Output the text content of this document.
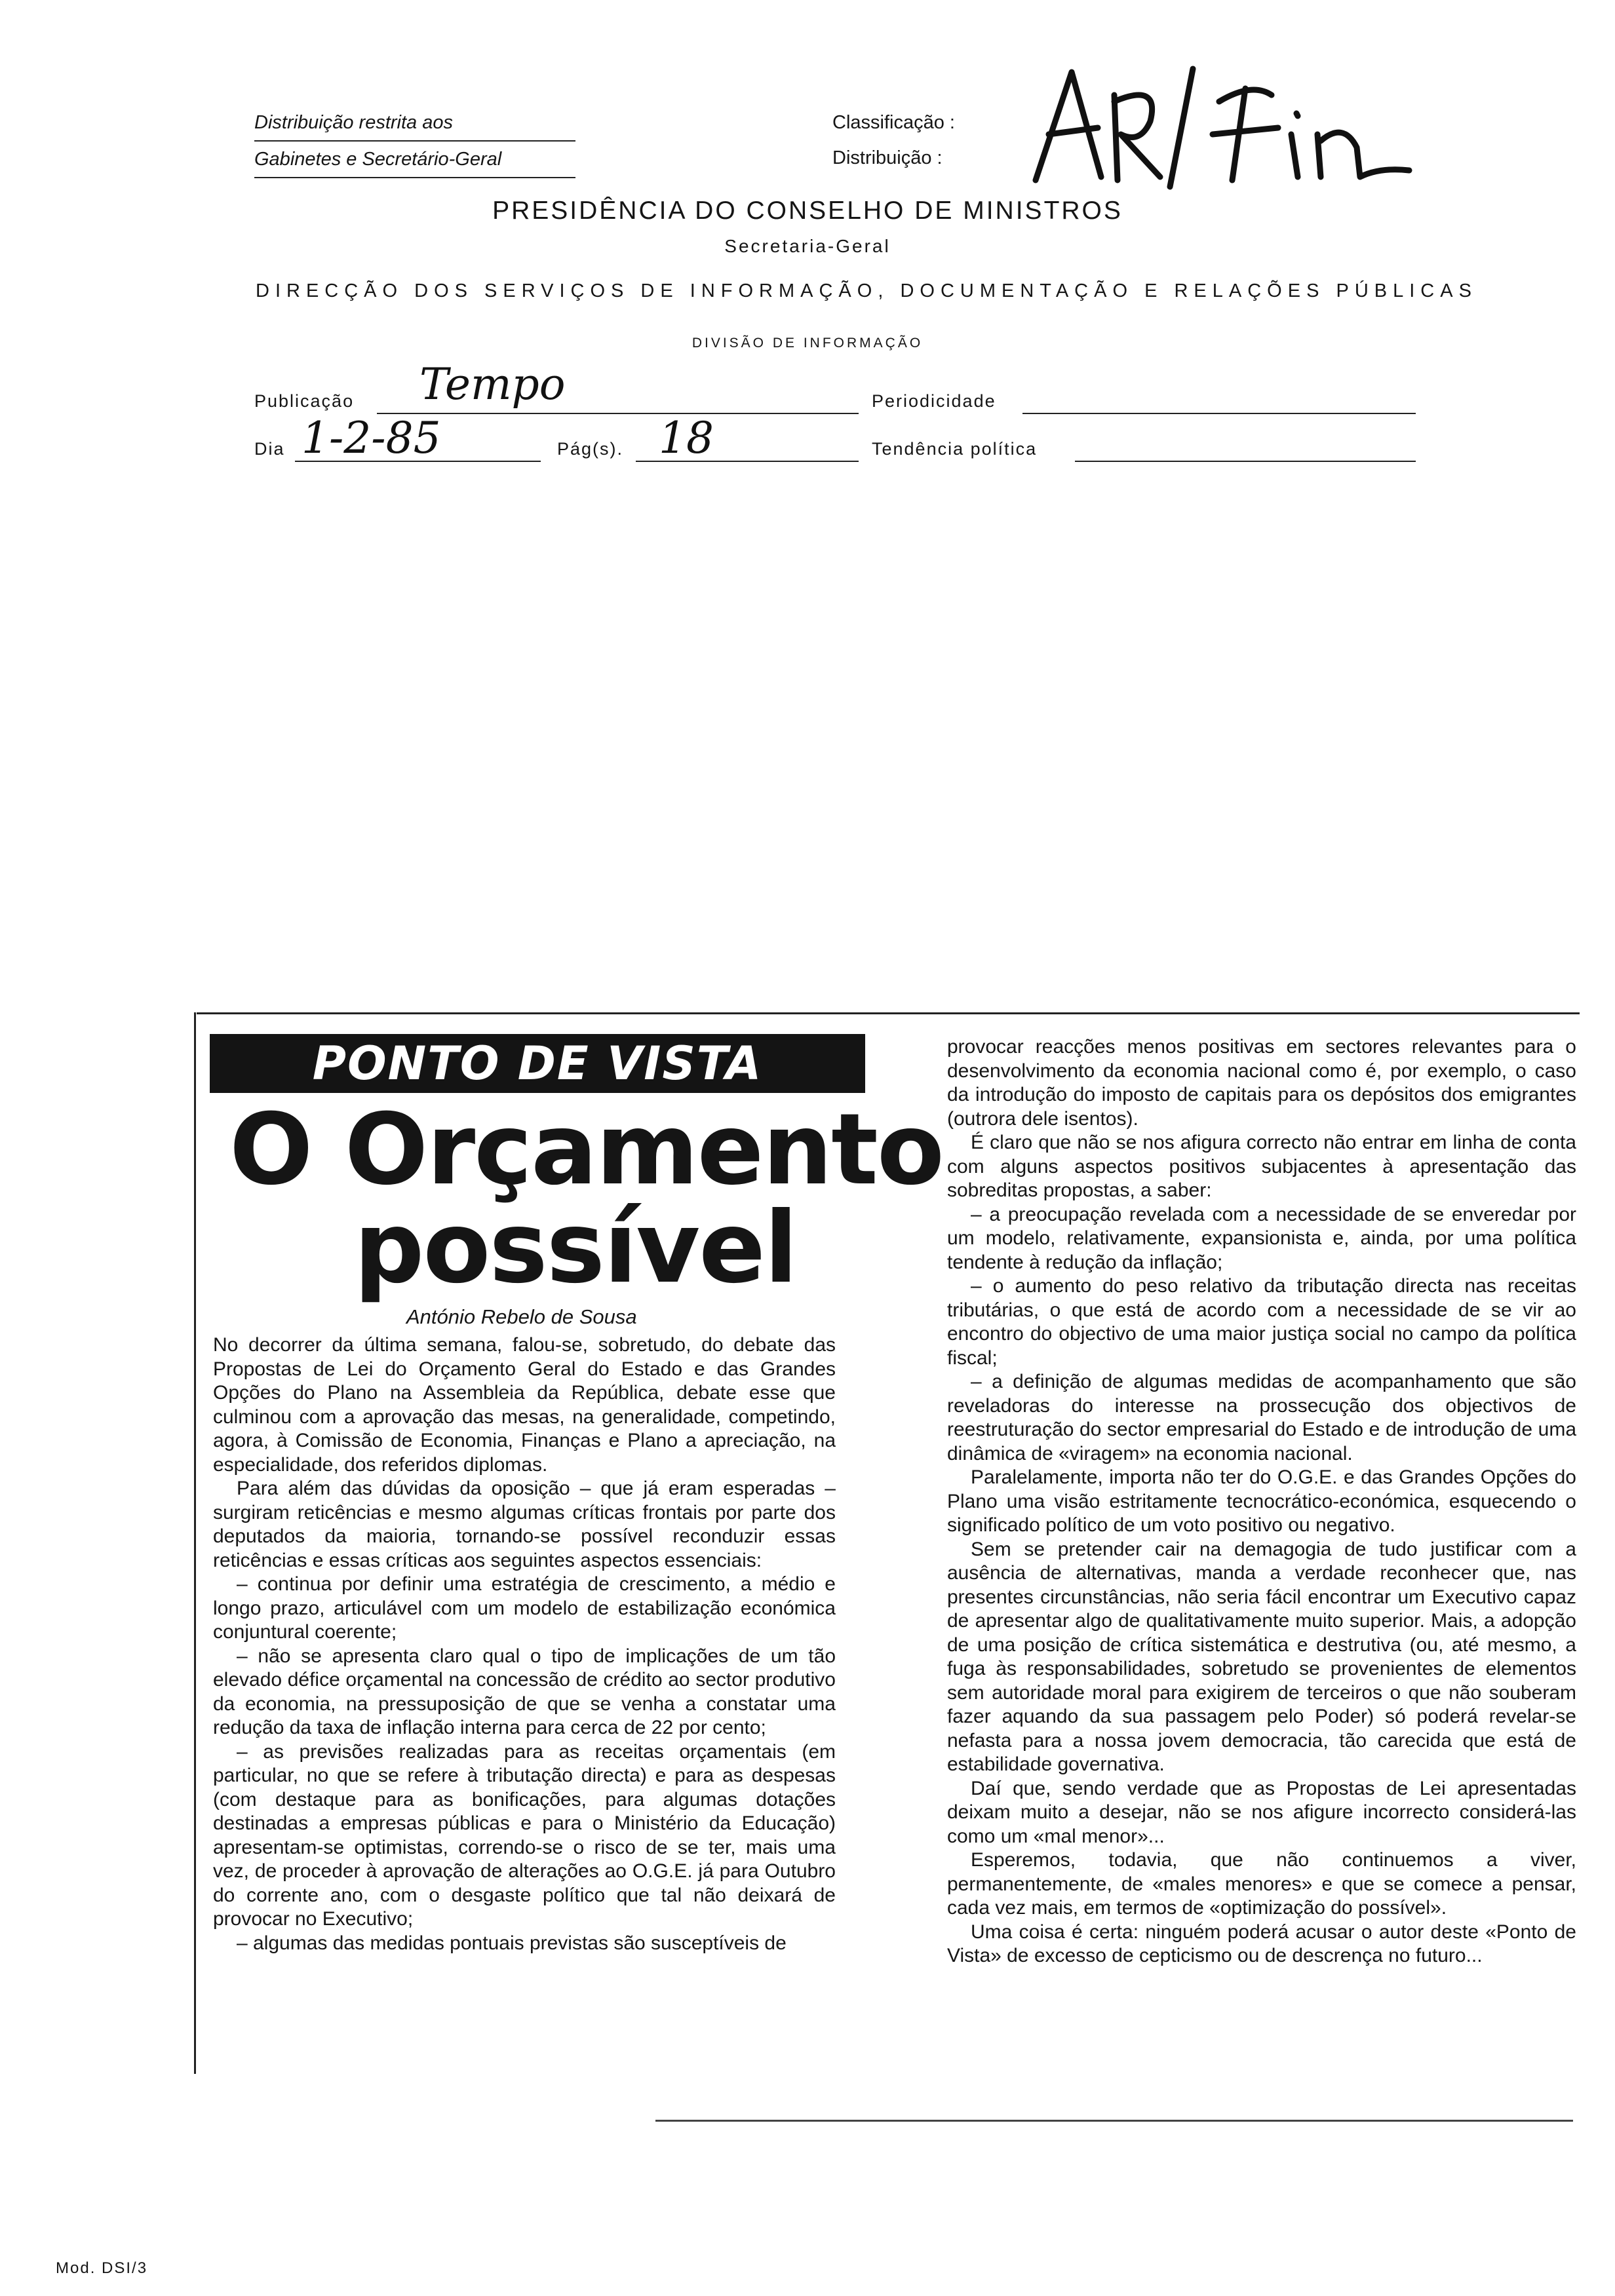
Distribuição restrita aos
Gabinetes e Secretário-Geral
Classificação :
Distribuição :
PRESIDÊNCIA DO CONSELHO DE MINISTROS
Secretaria-Geral
DIRECÇÃO DOS SERVIÇOS DE INFORMAÇÃO, DOCUMENTAÇÃO E RELAÇÕES PÚBLICAS
DIVISÃO DE INFORMAÇÃO
Publicação Tempo	Periodicidade
Dia 1-2-85	Pág(s). 18	Tendência política
PONTO DE VISTA
O Orçamento
possível
António Rebelo de Sousa

No decorrer da última semana, falou-se, sobretudo, do debate das Propostas de Lei do Orçamento Geral do Estado e das Grandes Opções do Plano na Assembleia da República, debate esse que culminou com a aprovação das mesas, na generalidade, competindo, agora, à Comissão de Economia, Finanças e Plano a apreciação, na especialidade, dos referidos diplomas.

Para além das dúvidas da oposição – que já eram esperadas – surgiram reticências e mesmo algumas críticas frontais por parte dos deputados da maioria, tornando-se possível reconduzir essas reticências e essas críticas aos seguintes aspectos essenciais:

– continua por definir uma estratégia de crescimento, a médio e longo prazo, articulável com um modelo de estabilização económica conjuntural coerente;

– não se apresenta claro qual o tipo de implicações de um tão elevado défice orçamental na concessão de crédito ao sector produtivo da economia, na pressuposição de que se venha a constatar uma redução da taxa de inflação interna para cerca de 22 por cento;

– as previsões realizadas para as receitas orçamentais (em particular, no que se refere à tributação directa) e para as despesas (com destaque para as bonificações, para algumas dotações destinadas a empresas públicas e para o Ministério da Educação) apresentam-se optimistas, correndo-se o risco de se ter, mais uma vez, de proceder à aprovação de alterações ao O.G.E. já para Outubro do corrente ano, com o desgaste político que tal não deixará de provocar no Executivo;

– algumas das medidas pontuais previstas são susceptíveis de

provocar reacções menos positivas em sectores relevantes para o desenvolvimento da economia nacional como é, por exemplo, o caso da introdução do imposto de capitais para os depósitos dos emigrantes (outrora dele isentos).

É claro que não se nos afigura correcto não entrar em linha de conta com alguns aspectos positivos subjacentes à apresentação das sobreditas propostas, a saber:

– a preocupação revelada com a necessidade de se enveredar por um modelo, relativamente, expansionista e, ainda, por uma política tendente à redução da inflação;

– o aumento do peso relativo da tributação directa nas receitas tributárias, o que está de acordo com a necessidade de se vir ao encontro do objectivo de uma maior justiça social no campo da política fiscal;

– a definição de algumas medidas de acompanhamento que são reveladoras do interesse na prossecução dos objectivos de reestruturação do sector empresarial do Estado e de introdução de uma dinâmica de «viragem» na economia nacional.

Paralelamente, importa não ter do O.G.E. e das Grandes Opções do Plano uma visão estritamente tecnocrático-económica, esquecendo o significado político de um voto positivo ou negativo.

Sem se pretender cair na demagogia de tudo justificar com a ausência de alternativas, manda a verdade reconhecer que, nas presentes circunstâncias, não seria fácil encontrar um Executivo capaz de apresentar algo de qualitativamente muito superior. Mais, a adopção de uma posição de crítica sistemática e destrutiva (ou, até mesmo, a fuga às responsabilidades, sobretudo se provenientes de elementos sem autoridade moral para exigirem de terceiros o que não souberam fazer aquando da sua passagem pelo Poder) só poderá revelar-se nefasta para a nossa jovem democracia, tão carecida que está de estabilidade governativa.

Daí que, sendo verdade que as Propostas de Lei apresentadas deixam muito a desejar, não se nos afigure incorrecto considerá-las como um «mal menor»...

Esperemos, todavia, que não continuemos a viver, permanentemente, de «males menores» e que se comece a pensar, cada vez mais, em termos de «optimização do possível».

Uma coisa é certa: ninguém poderá acusar o autor deste «Ponto de Vista» de excesso de cepticismo ou de descrença no futuro...

Mod. DSI/3
